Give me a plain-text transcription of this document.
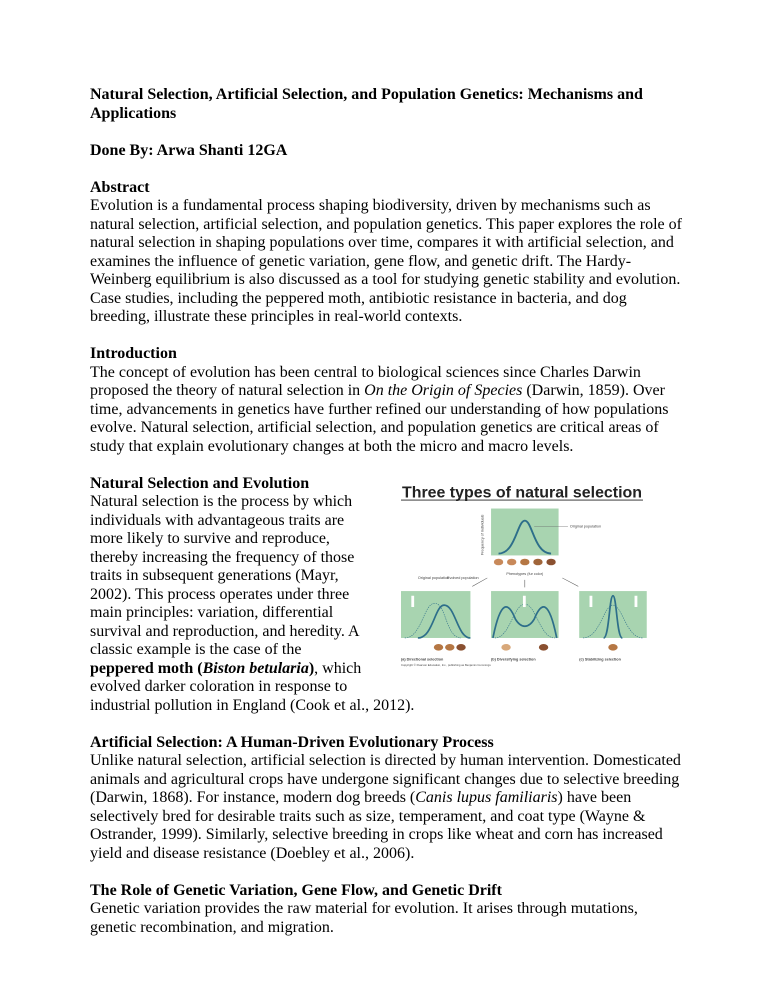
Natural Selection, Artificial Selection, and Population Genetics: Mechanisms and Applications

Done By: Arwa Shanti 12GA

Abstract

Evolution is a fundamental process shaping biodiversity, driven by mechanisms such as natural selection, artificial selection, and population genetics. This paper explores the role of natural selection in shaping populations over time, compares it with artificial selection, and examines the influence of genetic variation, gene flow, and genetic drift. The Hardy-Weinberg equilibrium is also discussed as a tool for studying genetic stability and evolution. Case studies, including the peppered moth, antibiotic resistance in bacteria, and dog breeding, illustrate these principles in real-world contexts.

Introduction

The concept of evolution has been central to biological sciences since Charles Darwin proposed the theory of natural selection in On the Origin of Species (Darwin, 1859). Over time, advancements in genetics have further refined our understanding of how populations evolve. Natural selection, artificial selection, and population genetics are critical areas of study that explain evolutionary changes at both the micro and macro levels.

Three types of natural selection
Frequency of individuals	Original population
Phenotypes (fur color)
Original population
Evolved population
(a) Directional selection	(b) Diversifying selection	(c) Stabilizing selection
Copyright © Pearson Education, Inc., publishing as Benjamin Cummings
Natural Selection and Evolution

Natural selection is the process by which individuals with advantageous traits are more likely to survive and reproduce, thereby increasing the frequency of those traits in subsequent generations (Mayr, 2002). This process operates under three main principles: variation, differential survival and reproduction, and heredity. A classic example is the case of the peppered moth (Biston betularia), which evolved darker coloration in response to industrial pollution in England (Cook et al., 2012).

Artificial Selection: A Human-Driven Evolutionary Process

Unlike natural selection, artificial selection is directed by human intervention. Domesticated animals and agricultural crops have undergone significant changes due to selective breeding (Darwin, 1868). For instance, modern dog breeds (Canis lupus familiaris) have been selectively bred for desirable traits such as size, temperament, and coat type (Wayne & Ostrander, 1999). Similarly, selective breeding in crops like wheat and corn has increased yield and disease resistance (Doebley et al., 2006).

The Role of Genetic Variation, Gene Flow, and Genetic Drift

Genetic variation provides the raw material for evolution. It arises through mutations, genetic recombination, and migration.
